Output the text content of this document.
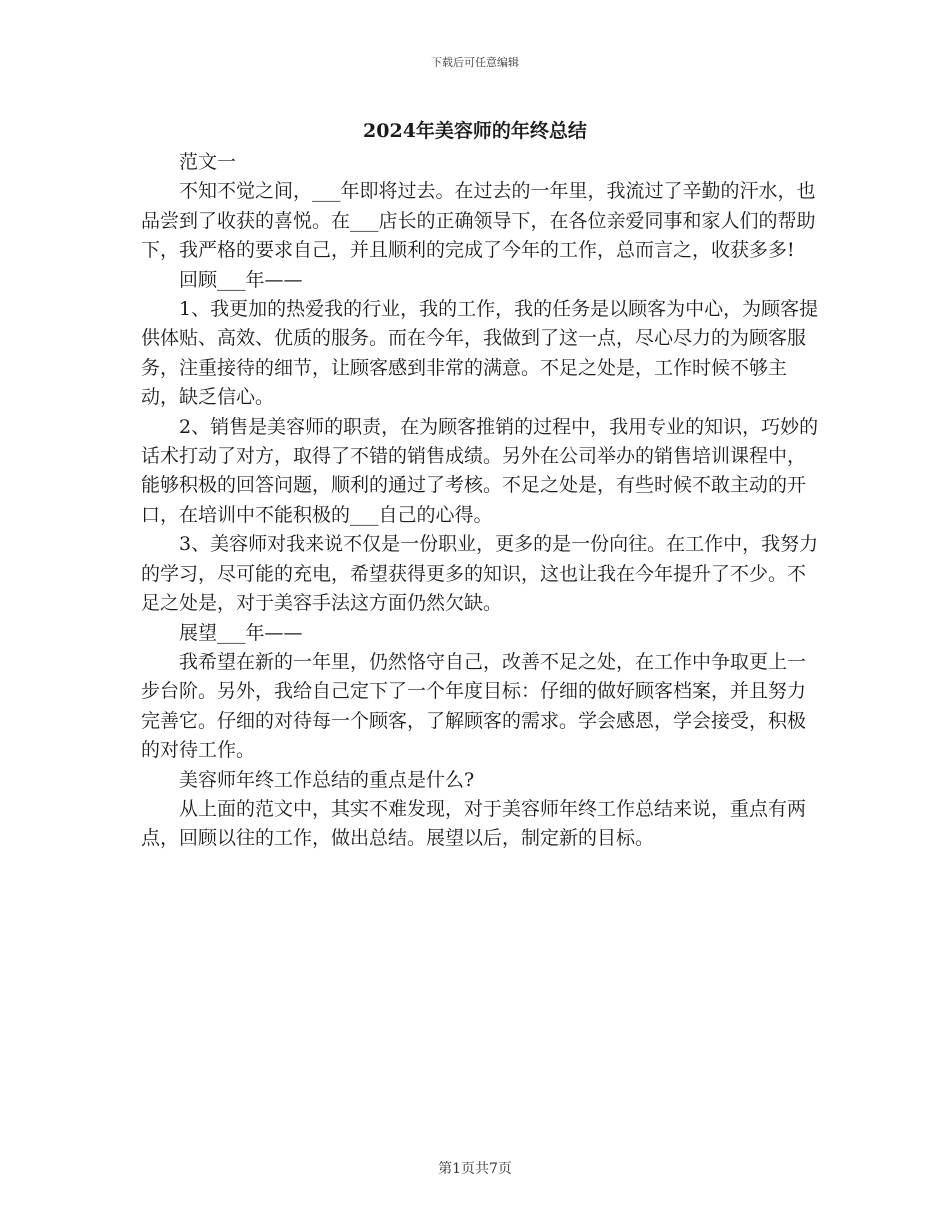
下载后可任意编辑
2024年美容师的年终总结

范文一

不知不觉之间，___年即将过去。在过去的一年里，我流过了辛勤的汗水，也品尝到了收获的喜悦。在___店长的正确领导下，在各位亲爱同事和家人们的帮助下，我严格的要求自己，并且顺利的完成了今年的工作，总而言之，收获多多!

回顾___年——

1、我更加的热爱我的行业，我的工作，我的任务是以顾客为中心，为顾客提供体贴、高效、优质的服务。而在今年，我做到了这一点，尽心尽力的为顾客服务，注重接待的细节，让顾客感到非常的满意。不足之处是，工作时候不够主动，缺乏信心。

2、销售是美容师的职责，在为顾客推销的过程中，我用专业的知识，巧妙的话术打动了对方，取得了不错的销售成绩。另外在公司举办的销售培训课程中，能够积极的回答问题，顺利的通过了考核。不足之处是，有些时候不敢主动的开口，在培训中不能积极的___自己的心得。

3、美容师对我来说不仅是一份职业，更多的是一份向往。在工作中，我努力的学习，尽可能的充电，希望获得更多的知识，这也让我在今年提升了不少。不足之处是，对于美容手法这方面仍然欠缺。

展望___年——

我希望在新的一年里，仍然恪守自己，改善不足之处，在工作中争取更上一步台阶。另外，我给自己定下了一个年度目标：仔细的做好顾客档案，并且努力完善它。仔细的对待每一个顾客，了解顾客的需求。学会感恩，学会接受，积极的对待工作。

美容师年终工作总结的重点是什么?

从上面的范文中，其实不难发现，对于美容师年终工作总结来说，重点有两点，回顾以往的工作，做出总结。展望以后，制定新的目标。

第1页共7页
